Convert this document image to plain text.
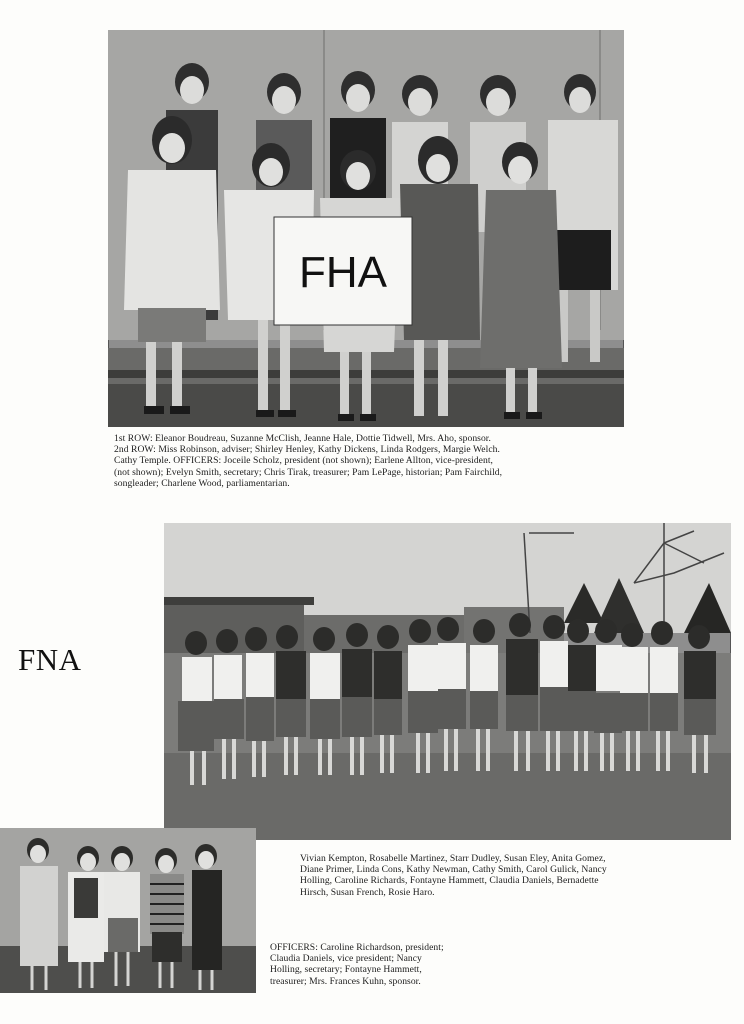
FHA

1st ROW: Eleanor Boudreau, Suzanne McClish, Jeanne Hale, Dottie Tidwell, Mrs. Aho, sponsor.

2nd ROW: Miss Robinson, adviser; Shirley Henley, Kathy Dickens, Linda Rodgers, Margie Welch.

Cathy Temple. OFFICERS: Joceile Scholz, president (not shown); Earlene Allton, vice-president,

(not shown); Evelyn Smith, secretary; Chris Tirak, treasurer; Pam LePage, historian; Pam Fairchild,

songleader; Charlene Wood, parliamentarian.

FNA

Vivian Kempton, Rosabelle Martinez, Starr Dudley, Susan Eley, Anita Gomez,

Diane Primer, Linda Cons, Kathy Newman, Cathy Smith, Carol Gulick, Nancy

Holling, Caroline Richards, Fontayne Hammett, Claudia Daniels, Bernadette

Hirsch, Susan French, Rosie Haro.

OFFICERS: Caroline Richardson, president;

Claudia Daniels, vice president; Nancy

Holling, secretary; Fontayne Hammett,

treasurer; Mrs. Frances Kuhn, sponsor.
